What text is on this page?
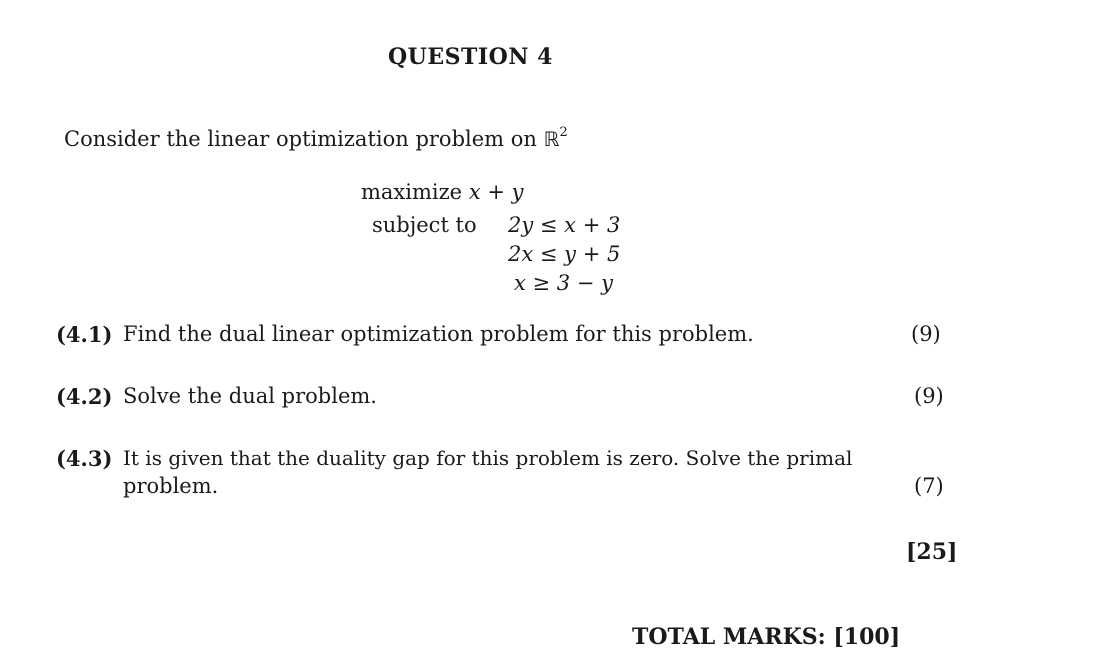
QUESTION 4
Consider the linear optimization problem on ℝ$^2$
maximize x + y
subject to 2y ≤ x + 3
2x ≤ y + 5
x ≥ 3 − y
(4.1) Find the dual linear optimization problem for this problem.	(9)
(4.2) Solve the dual problem.	(9)
(4.3) It is given that the duality gap for this problem is zero. Solve the primal
problem.	(7)
[25]
TOTAL MARKS: [100]
